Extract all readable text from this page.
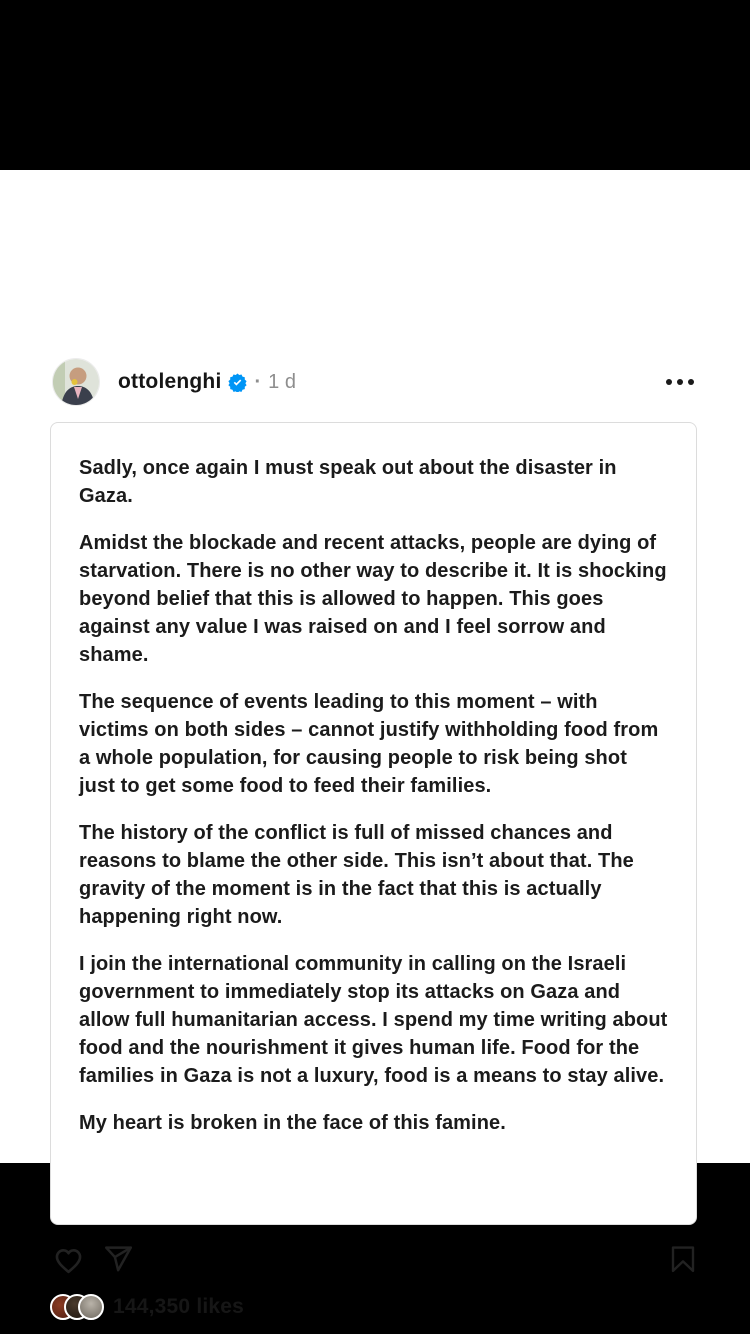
ottolenghi · 1 d

Sadly, once again I must speak out about the disaster in Gaza.

Amidst the blockade and recent attacks, people are dying of starvation. There is no other way to describe it. It is shocking beyond belief that this is allowed to happen. This goes against any value I was raised on and I feel sorrow and shame.

The sequence of events leading to this moment – with victims on both sides – cannot justify withholding food from a whole population, for causing people to risk being shot just to get some food to feed their families.

The history of the conflict is full of missed chances and reasons to blame the other side. This isn’t about that. The gravity of the moment is in the fact that this is actually happening right now.

I join the international community in calling on the Israeli government to immediately stop its attacks on Gaza and allow full humanitarian access. I spend my time writing about food and the nourishment it gives human life. Food for the families in Gaza is not a luxury, food is a means to stay alive.

My heart is broken in the face of this famine.

144,350 likes
